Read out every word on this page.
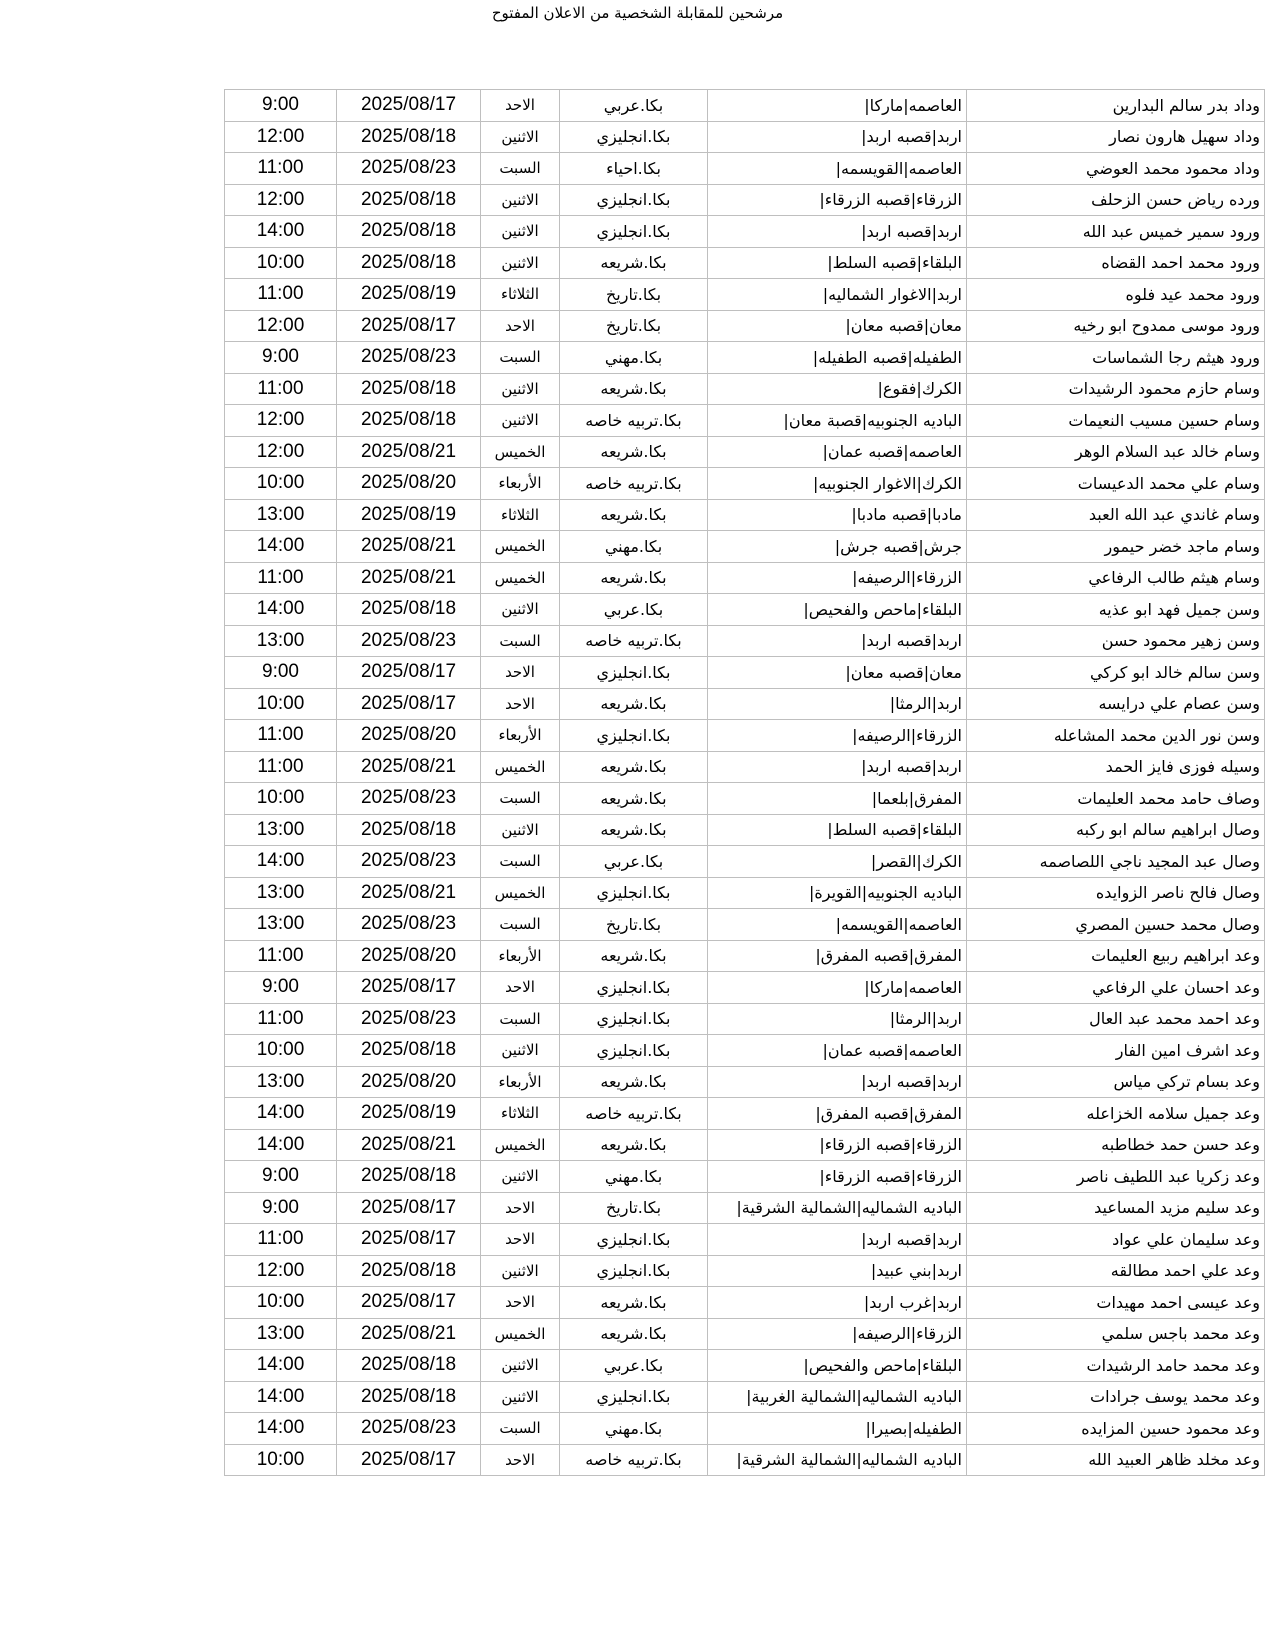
مرشحين للمقابلة الشخصية من الاعلان المفتوح
9:00	2025/08/17	الاحد	بكا.عربي	العاصمه|ماركا|	وداد بدر سالم البدارين
12:00	2025/08/18	الاثنين	بكا.انجليزي	اربد|قصبه اربد|	وداد سهيل هارون نصار
11:00	2025/08/23	السبت	بكا.احياء	العاصمه|القويسمه|	وداد محمود محمد العوضي
12:00	2025/08/18	الاثنين	بكا.انجليزي	الزرقاء|قصبه الزرقاء|	ورده رياض حسن الزحلف
14:00	2025/08/18	الاثنين	بكا.انجليزي	اربد|قصبه اربد|	ورود سمير خميس عبد الله
10:00	2025/08/18	الاثنين	بكا.شريعه	البلقاء|قصبه السلط|	ورود محمد احمد القضاه
11:00	2025/08/19	الثلاثاء	بكا.تاريخ	اربد|الاغوار الشماليه|	ورود محمد عيد فلوه
12:00	2025/08/17	الاحد	بكا.تاريخ	معان|قصبه معان|	ورود موسى ممدوح ابو رخيه
9:00	2025/08/23	السبت	بكا.مهني	الطفيله|قصبه الطفيله|	ورود هيثم رجا الشماسات
11:00	2025/08/18	الاثنين	بكا.شريعه	الكرك|فقوع|	وسام حازم محمود الرشيدات
12:00	2025/08/18	الاثنين	بكا.تربيه خاصه	الباديه الجنوبيه|قصبة معان|	وسام حسين مسيب النعيمات
12:00	2025/08/21	الخميس	بكا.شريعه	العاصمه|قصبه عمان|	وسام خالد عبد السلام الوهر
10:00	2025/08/20	الأربعاء	بكا.تربيه خاصه	الكرك|الاغوار الجنوبيه|	وسام علي محمد الدعيسات
13:00	2025/08/19	الثلاثاء	بكا.شريعه	مادبا|قصبه مادبا|	وسام غاندي عبد الله العبد
14:00	2025/08/21	الخميس	بكا.مهني	جرش|قصبه جرش|	وسام ماجد خضر حيمور
11:00	2025/08/21	الخميس	بكا.شريعه	الزرقاء|الرصيفه|	وسام هيثم طالب الرفاعي
14:00	2025/08/18	الاثنين	بكا.عربي	البلقاء|ماحص والفحيص|	وسن جميل فهد ابو عذيه
13:00	2025/08/23	السبت	بكا.تربيه خاصه	اربد|قصبه اربد|	وسن زهير محمود حسن
9:00	2025/08/17	الاحد	بكا.انجليزي	معان|قصبه معان|	وسن سالم خالد ابو كركي
10:00	2025/08/17	الاحد	بكا.شريعه	اربد|الرمثا|	وسن عصام علي درايسه
11:00	2025/08/20	الأربعاء	بكا.انجليزي	الزرقاء|الرصيفه|	وسن نور الدين محمد المشاعله
11:00	2025/08/21	الخميس	بكا.شريعه	اربد|قصبه اربد|	وسيله فوزى فايز الحمد
10:00	2025/08/23	السبت	بكا.شريعه	المفرق|بلعما|	وصاف حامد محمد العليمات
13:00	2025/08/18	الاثنين	بكا.شريعه	البلقاء|قصبه السلط|	وصال ابراهيم سالم ابو ركبه
14:00	2025/08/23	السبت	بكا.عربي	الكرك|القصر|	وصال عبد المجيد ناجي اللصاصمه
13:00	2025/08/21	الخميس	بكا.انجليزي	الباديه الجنوبيه|القويرة|	وصال فالح ناصر الزوايده
13:00	2025/08/23	السبت	بكا.تاريخ	العاصمه|القويسمه|	وصال محمد حسين المصري
11:00	2025/08/20	الأربعاء	بكا.شريعه	المفرق|قصبه المفرق|	وعد ابراهيم ربيع العليمات
9:00	2025/08/17	الاحد	بكا.انجليزي	العاصمه|ماركا|	وعد احسان علي الرفاعي
11:00	2025/08/23	السبت	بكا.انجليزي	اربد|الرمثا|	وعد احمد محمد عبد العال
10:00	2025/08/18	الاثنين	بكا.انجليزي	العاصمه|قصبه عمان|	وعد اشرف امين الفار
13:00	2025/08/20	الأربعاء	بكا.شريعه	اربد|قصبه اربد|	وعد بسام تركي مياس
14:00	2025/08/19	الثلاثاء	بكا.تربيه خاصه	المفرق|قصبه المفرق|	وعد جميل سلامه الخزاعله
14:00	2025/08/21	الخميس	بكا.شريعه	الزرقاء|قصبه الزرقاء|	وعد حسن حمد خطاطبه
9:00	2025/08/18	الاثنين	بكا.مهني	الزرقاء|قصبه الزرقاء|	وعد زكريا عبد اللطيف ناصر
9:00	2025/08/17	الاحد	بكا.تاريخ	الباديه الشماليه|الشمالية الشرقية|	وعد سليم مزيد المساعيد
11:00	2025/08/17	الاحد	بكا.انجليزي	اربد|قصبه اربد|	وعد سليمان علي عواد
12:00	2025/08/18	الاثنين	بكا.انجليزي	اربد|بني عبيد|	وعد علي احمد مطالقه
10:00	2025/08/17	الاحد	بكا.شريعه	اربد|غرب اربد|	وعد عيسى احمد مهيدات
13:00	2025/08/21	الخميس	بكا.شريعه	الزرقاء|الرصيفه|	وعد محمد باجس سلمي
14:00	2025/08/18	الاثنين	بكا.عربي	البلقاء|ماحص والفحيص|	وعد محمد حامد الرشيدات
14:00	2025/08/18	الاثنين	بكا.انجليزي	الباديه الشماليه|الشمالية الغربية|	وعد محمد يوسف جرادات
14:00	2025/08/23	السبت	بكا.مهني	الطفيله|بصيرا|	وعد محمود حسين المزايده
10:00	2025/08/17	الاحد	بكا.تربيه خاصه	الباديه الشماليه|الشمالية الشرقية|	وعد مخلد ظاهر العبيد الله
